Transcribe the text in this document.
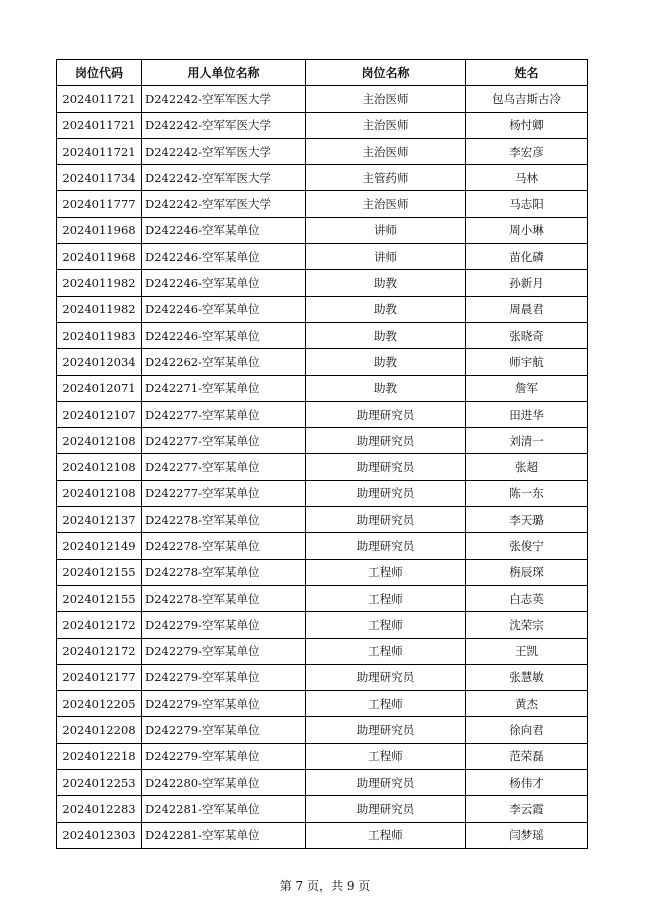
岗位代码	用人单位名称	岗位名称	姓名
2024011721	D242242-空军军医大学	主治医师	包乌吉斯古冷
2024011721	D242242-空军军医大学	主治医师	杨忖卿
2024011721	D242242-空军军医大学	主治医师	李宏彦
2024011734	D242242-空军军医大学	主管药师	马林
2024011777	D242242-空军军医大学	主治医师	马志阳
2024011968	D242246-空军某单位	讲师	周小琳
2024011968	D242246-空军某单位	讲师	苗化磷
2024011982	D242246-空军某单位	助教	孙新月
2024011982	D242246-空军某单位	助教	周晨君
2024011983	D242246-空军某单位	助教	张晓奇
2024012034	D242262-空军某单位	助教	师宇航
2024012071	D242271-空军某单位	助教	詹军
2024012107	D242277-空军某单位	助理研究员	田进华
2024012108	D242277-空军某单位	助理研究员	刘清一
2024012108	D242277-空军某单位	助理研究员	张超
2024012108	D242277-空军某单位	助理研究员	陈一东
2024012137	D242278-空军某单位	助理研究员	李天璐
2024012149	D242278-空军某单位	助理研究员	张俊宁
2024012155	D242278-空军某单位	工程师	栴辰琛
2024012155	D242278-空军某单位	工程师	白志英
2024012172	D242279-空军某单位	工程师	沈荣宗
2024012172	D242279-空军某单位	工程师	王凯
2024012177	D242279-空军某单位	助理研究员	张慧敏
2024012205	D242279-空军某单位	工程师	黄杰
2024012208	D242279-空军某单位	助理研究员	徐向君
2024012218	D242279-空军某单位	工程师	范荣磊
2024012253	D242280-空军某单位	助理研究员	杨伟才
2024012283	D242281-空军某单位	助理研究员	李云霞
2024012303	D242281-空军某单位	工程师	闫梦瑶
第 7 页，共 9 页
